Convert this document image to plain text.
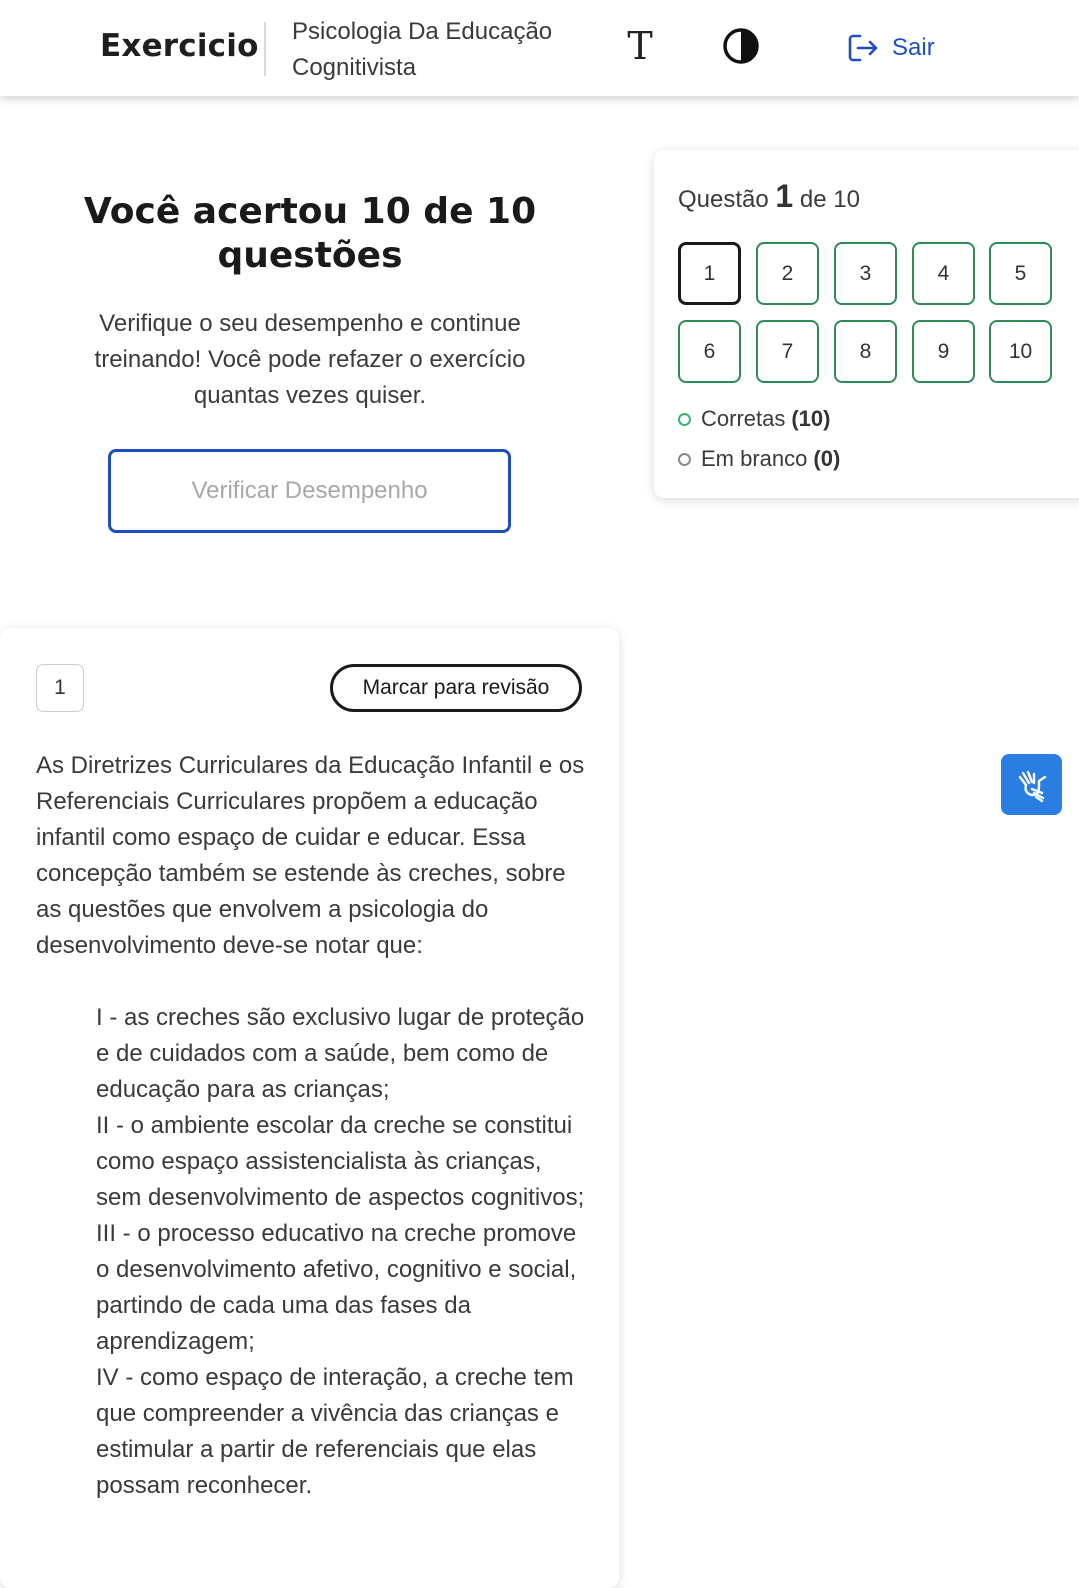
Exercicio Psicologia Da Educação
Cognitivista	T	Sair
Você acertou 10 de 10 questões

Verifique o seu desempenho e continue treinando! Você pode refazer o exercício quantas vezes quiser.

Verificar Desempenho
Questão 1 de 10
1	2	3	4	5
6	7	8	9	10
Corretas (10)
Em branco (0)
1	Marcar para revisão
As Diretrizes Curriculares da Educação Infantil e os Referenciais Curriculares propõem a educação infantil como espaço de cuidar e educar. Essa concepção também se estende às creches, sobre as questões que envolvem a psicologia do desenvolvimento deve-se notar que:
I - as creches são exclusivo lugar de proteção e de cuidados com a saúde, bem como de educação para as crianças;
II - o ambiente escolar da creche se constitui como espaço assistencialista às crianças, sem desenvolvimento de aspectos cognitivos;
III - o processo educativo na creche promove o desenvolvimento afetivo, cognitivo e social, partindo de cada uma das fases da aprendizagem;
IV - como espaço de interação, a creche tem que compreender a vivência das crianças e estimular a partir de referenciais que elas possam reconhecer.
